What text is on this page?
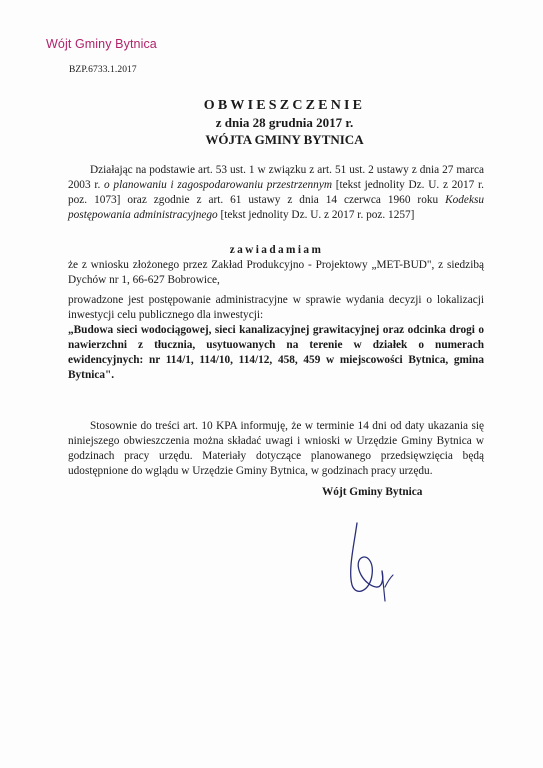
Wójt Gminy Bytnica
BZP.6733.1.2017
OBWIESZCZENIE
z dnia 28 grudnia 2017 r.
WÓJTA GMINY BYTNICA
Działając na podstawie art. 53 ust. 1 w związku z art. 51 ust. 2 ustawy z dnia 27 marca 2003 r. o planowaniu i zagospodarowaniu przestrzennym [tekst jednolity Dz. U. z 2017 r. poz. 1073] oraz zgodnie z art. 61 ustawy z dnia 14 czerwca 1960 roku Kodeksu postępowania administracyjnego [tekst jednolity Dz. U. z 2017 r. poz. 1257]
zawiadamiam
że z wniosku złożonego przez Zakład Produkcyjno - Projektowy „MET-BUD", z siedzibą Dychów nr 1, 66-627 Bobrowice,
prowadzone jest postępowanie administracyjne w sprawie wydania decyzji o lokalizacji inwestycji celu publicznego dla inwestycji:
„Budowa sieci wodociągowej, sieci kanalizacyjnej grawitacyjnej oraz odcinka drogi o nawierzchni z tłucznia, usytuowanych na terenie w działek o numerach ewidencyjnych: nr 114/1, 114/10, 114/12, 458, 459 w miejscowości Bytnica, gmina Bytnica".
Stosownie do treści art. 10 KPA informuję, że w terminie 14 dni od daty ukazania się niniejszego obwieszczenia można składać uwagi i wnioski w Urzędzie Gminy Bytnica w godzinach pracy urzędu. Materiały dotyczące planowanego przedsięwzięcia będą udostępnione do wglądu w Urzędzie Gminy Bytnica, w godzinach pracy urzędu.
Wójt Gminy Bytnica
